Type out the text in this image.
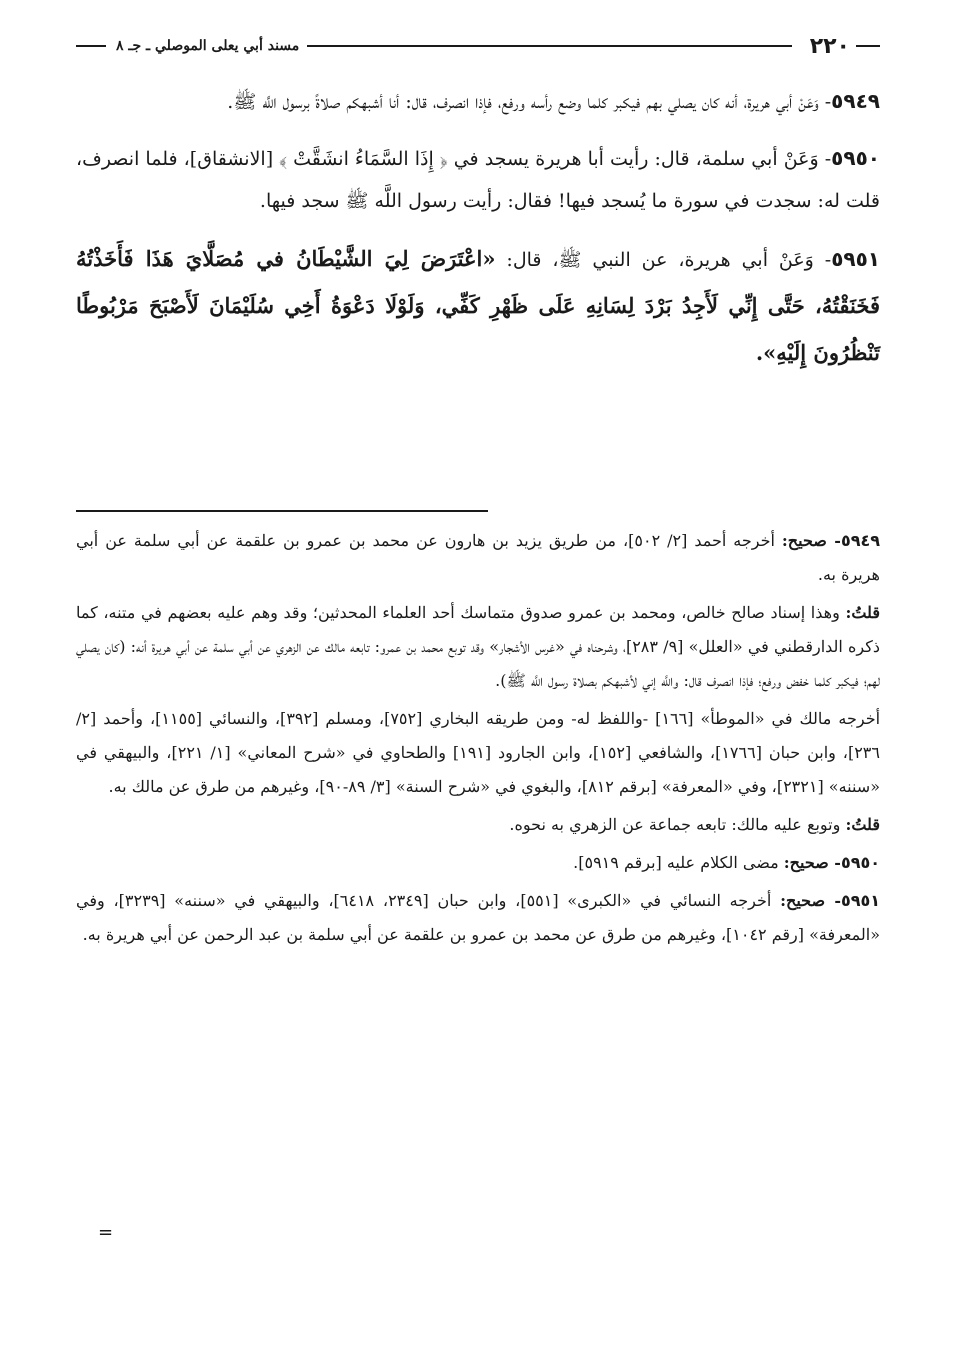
٢٢٠
مسند أبي يعلى الموصلي ـ جـ ٨

٥٩٤٩- وَعَنْ أبي هريرة، أنه كان يصلي بهم فيكبر كلما وضع رأسه ورفع، فإذا انصرف، قال: أنا أشبهكم صلاةً برسول اللَّه ﷺ.

٥٩٥٠- وَعَنْ أبي سلمة، قال: رأيت أبا هريرة يسجد في ﴿ إِذَا السَّمَاءُ انشَقَّتْ ﴾ [الانشقاق]، فلما انصرف، قلت له: سجدت في سورة ما يُسجد فيها! فقال: رأيت رسول اللَّه ﷺ سجد فيها.

٥٩٥١- وَعَنْ أبي هريرة، عن النبي ﷺ، قال: «اعْتَرَضَ لِيَ الشَّيْطَانُ في مُصَلَّايَ هَذَا فَأَخَذْتُهُ فَخَنَقْتُهُ، حَتَّى إِنِّي لَأَجِدُ بَرْدَ لِسَانِهِ عَلَى ظَهْرِ كَفِّي، وَلَوْلَا دَعْوَةُ أَخِي سُلَيْمَانَ لَأَصْبَحَ مَرْبُوطًا تَنْظُرُونَ إِلَيْهِ».

٥٩٤٩- صحيح: أخرجه أحمد [٢/ ٥٠٢]، من طريق يزيد بن هارون عن محمد بن عمرو بن علقمة عن أبي سلمة عن أبي هريرة به.

قلتُ: وهذا إسناد صالح خالص، ومحمد بن عمرو صدوق متماسك أحد العلماء المحدثين؛ وقد وهم عليه بعضهم في متنه، كما ذكره الدارقطني في «العلل» [٩/ ٢٨٣]، وشرحناه في «غرس الأشجار» وقد توبع محمد بن عمرو: تابعه مالك عن الزهري عن أبي سلمة عن أبي هريرة أنه: (كان يصلي لهم؛ فيكبر كلما خفض ورفع؛ فإذا انصرف قال: واللَّه إني لأشبهكم بصلاة رسول اللَّه ﷺ).

أخرجه مالك في «الموطأ» [١٦٦] -واللفظ له- ومن طريقه البخاري [٧٥٢]، ومسلم [٣٩٢]، والنسائي [١١٥٥]، وأحمد [٢/ ٢٣٦]، وابن حبان [١٧٦٦]، والشافعي [١٥٢]، وابن الجارود [١٩١] والطحاوي في «شرح المعاني» [١/ ٢٢١]، والبيهقي في «سننه» [٢٣٢١]، وفي «المعرفة» [برقم ٨١٢]، والبغوي في «شرح السنة» [٣/ ٨٩-٩٠]، وغيرهم من طرق عن مالك به.

قلتُ: وتوبع عليه مالك: تابعه جماعة عن الزهري به نحوه.

٥٩٥٠- صحيح: مضى الكلام عليه [برقم ٥٩١٩].

٥٩٥١- صحيح: أخرجه النسائي في «الكبرى» [٥٥١]، وابن حبان [٢٣٤٩، ٦٤١٨]، والبيهقي في «سننه» [٣٢٣٩]، وفي «المعرفة» [رقم ١٠٤٢]، وغيرهم من طرق عن محمد بن عمرو بن علقمة عن أبي سلمة بن عبد الرحمن عن أبي هريرة به.

=
